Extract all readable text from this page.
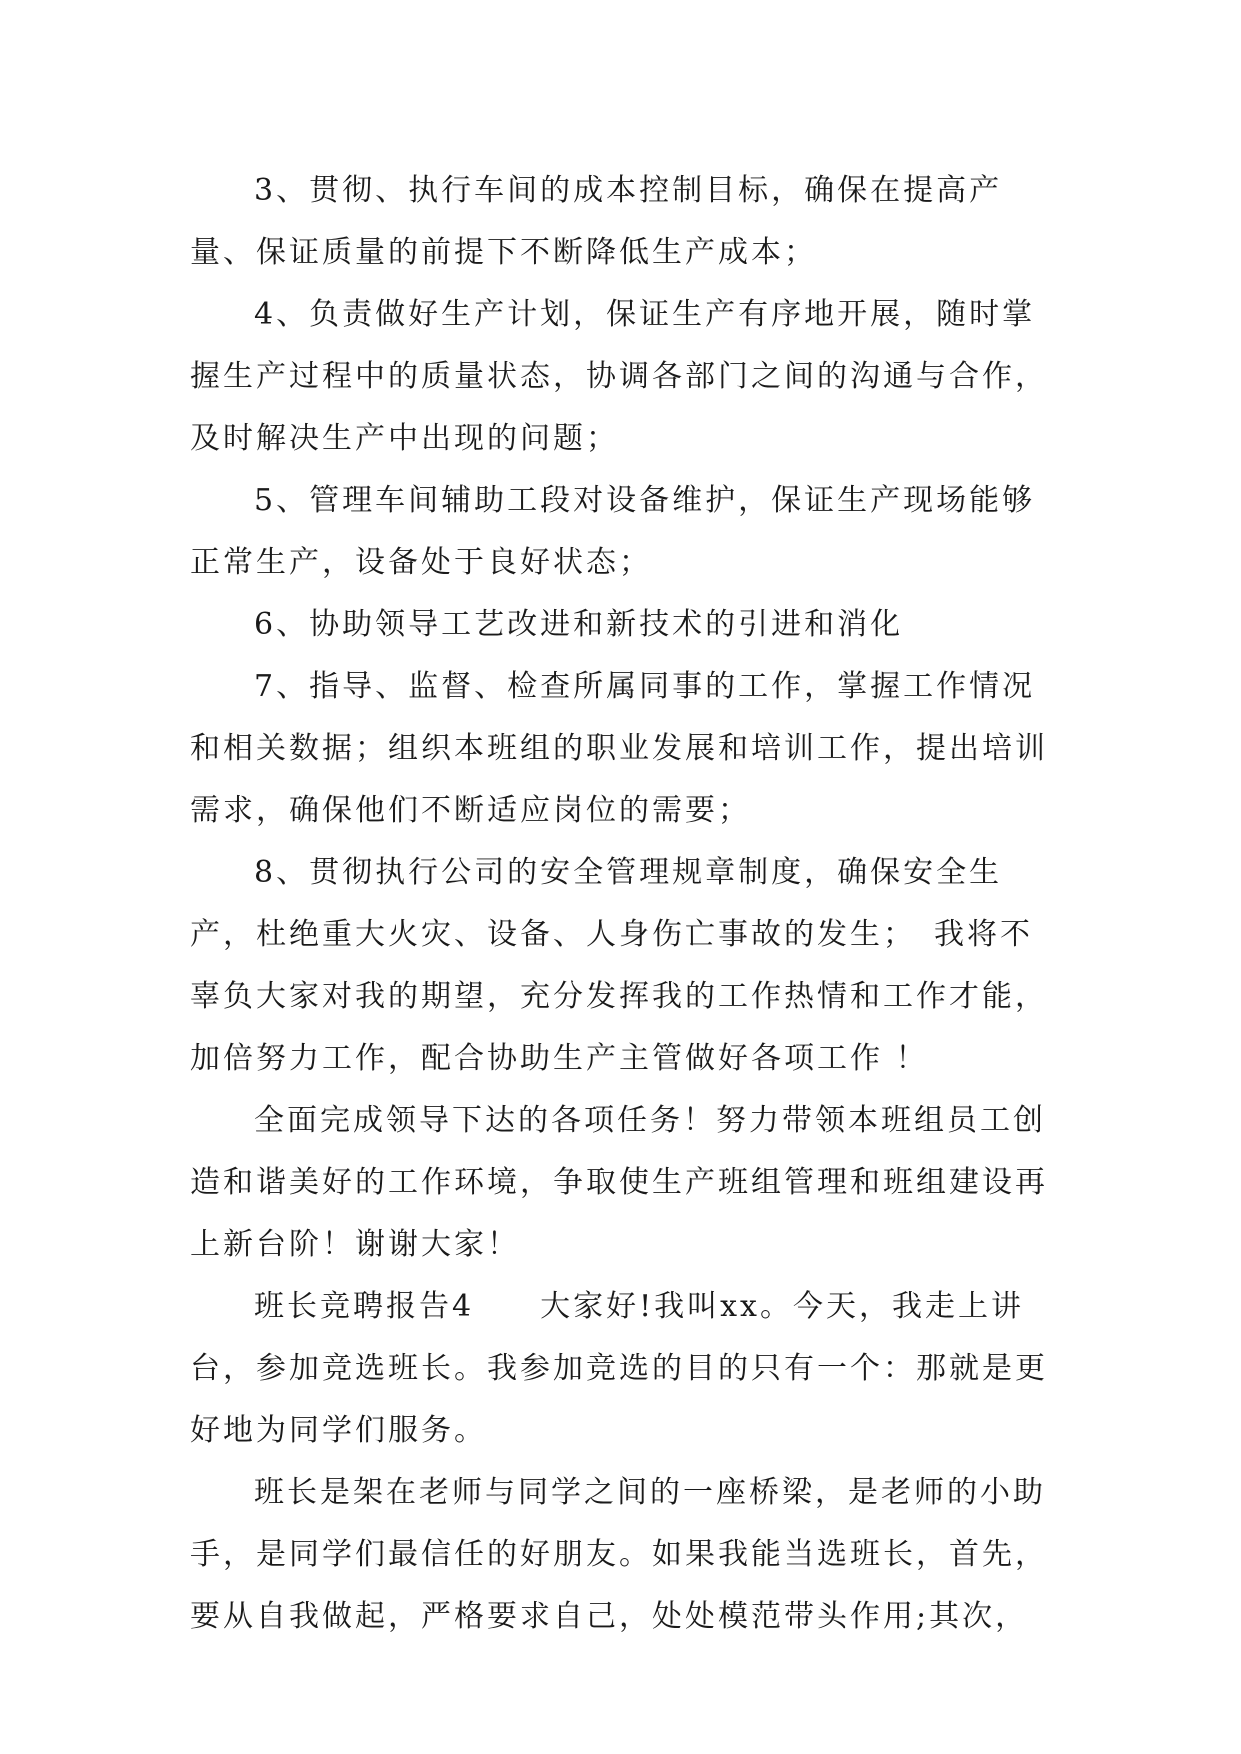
3、贯彻、执行车间的成本控制目标，确保在提高产量、保证质量的前提下不断降低生产成本；

4、负责做好生产计划，保证生产有序地开展，随时掌握生产过程中的质量状态，协调各部门之间的沟通与合作，及时解决生产中出现的问题；

5、管理车间辅助工段对设备维护，保证生产现场能够正常生产，设备处于良好状态；

6、协助领导工艺改进和新技术的引进和消化

7、指导、监督、检查所属同事的工作，掌握工作情况和相关数据；组织本班组的职业发展和培训工作，提出培训需求，确保他们不断适应岗位的需要；

8、贯彻执行公司的安全管理规章制度，确保安全生产，杜绝重大火灾、设备、人身伤亡事故的发生；　我将不辜负大家对我的期望，充分发挥我的工作热情和工作才能，加倍努力工作，配合协助生产主管做好各项工作 ！

全面完成领导下达的各项任务！努力带领本班组员工创造和谐美好的工作环境，争取使生产班组管理和班组建设再上新台阶！谢谢大家！

班长竞聘报告4　　大家好!我叫xx。今天，我走上讲台，参加竞选班长。我参加竞选的目的只有一个：那就是更好地为同学们服务。

班长是架在老师与同学之间的一座桥梁，是老师的小助手，是同学们最信任的好朋友。如果我能当选班长，首先，要从自我做起，严格要求自己，处处模范带头作用;其次，
